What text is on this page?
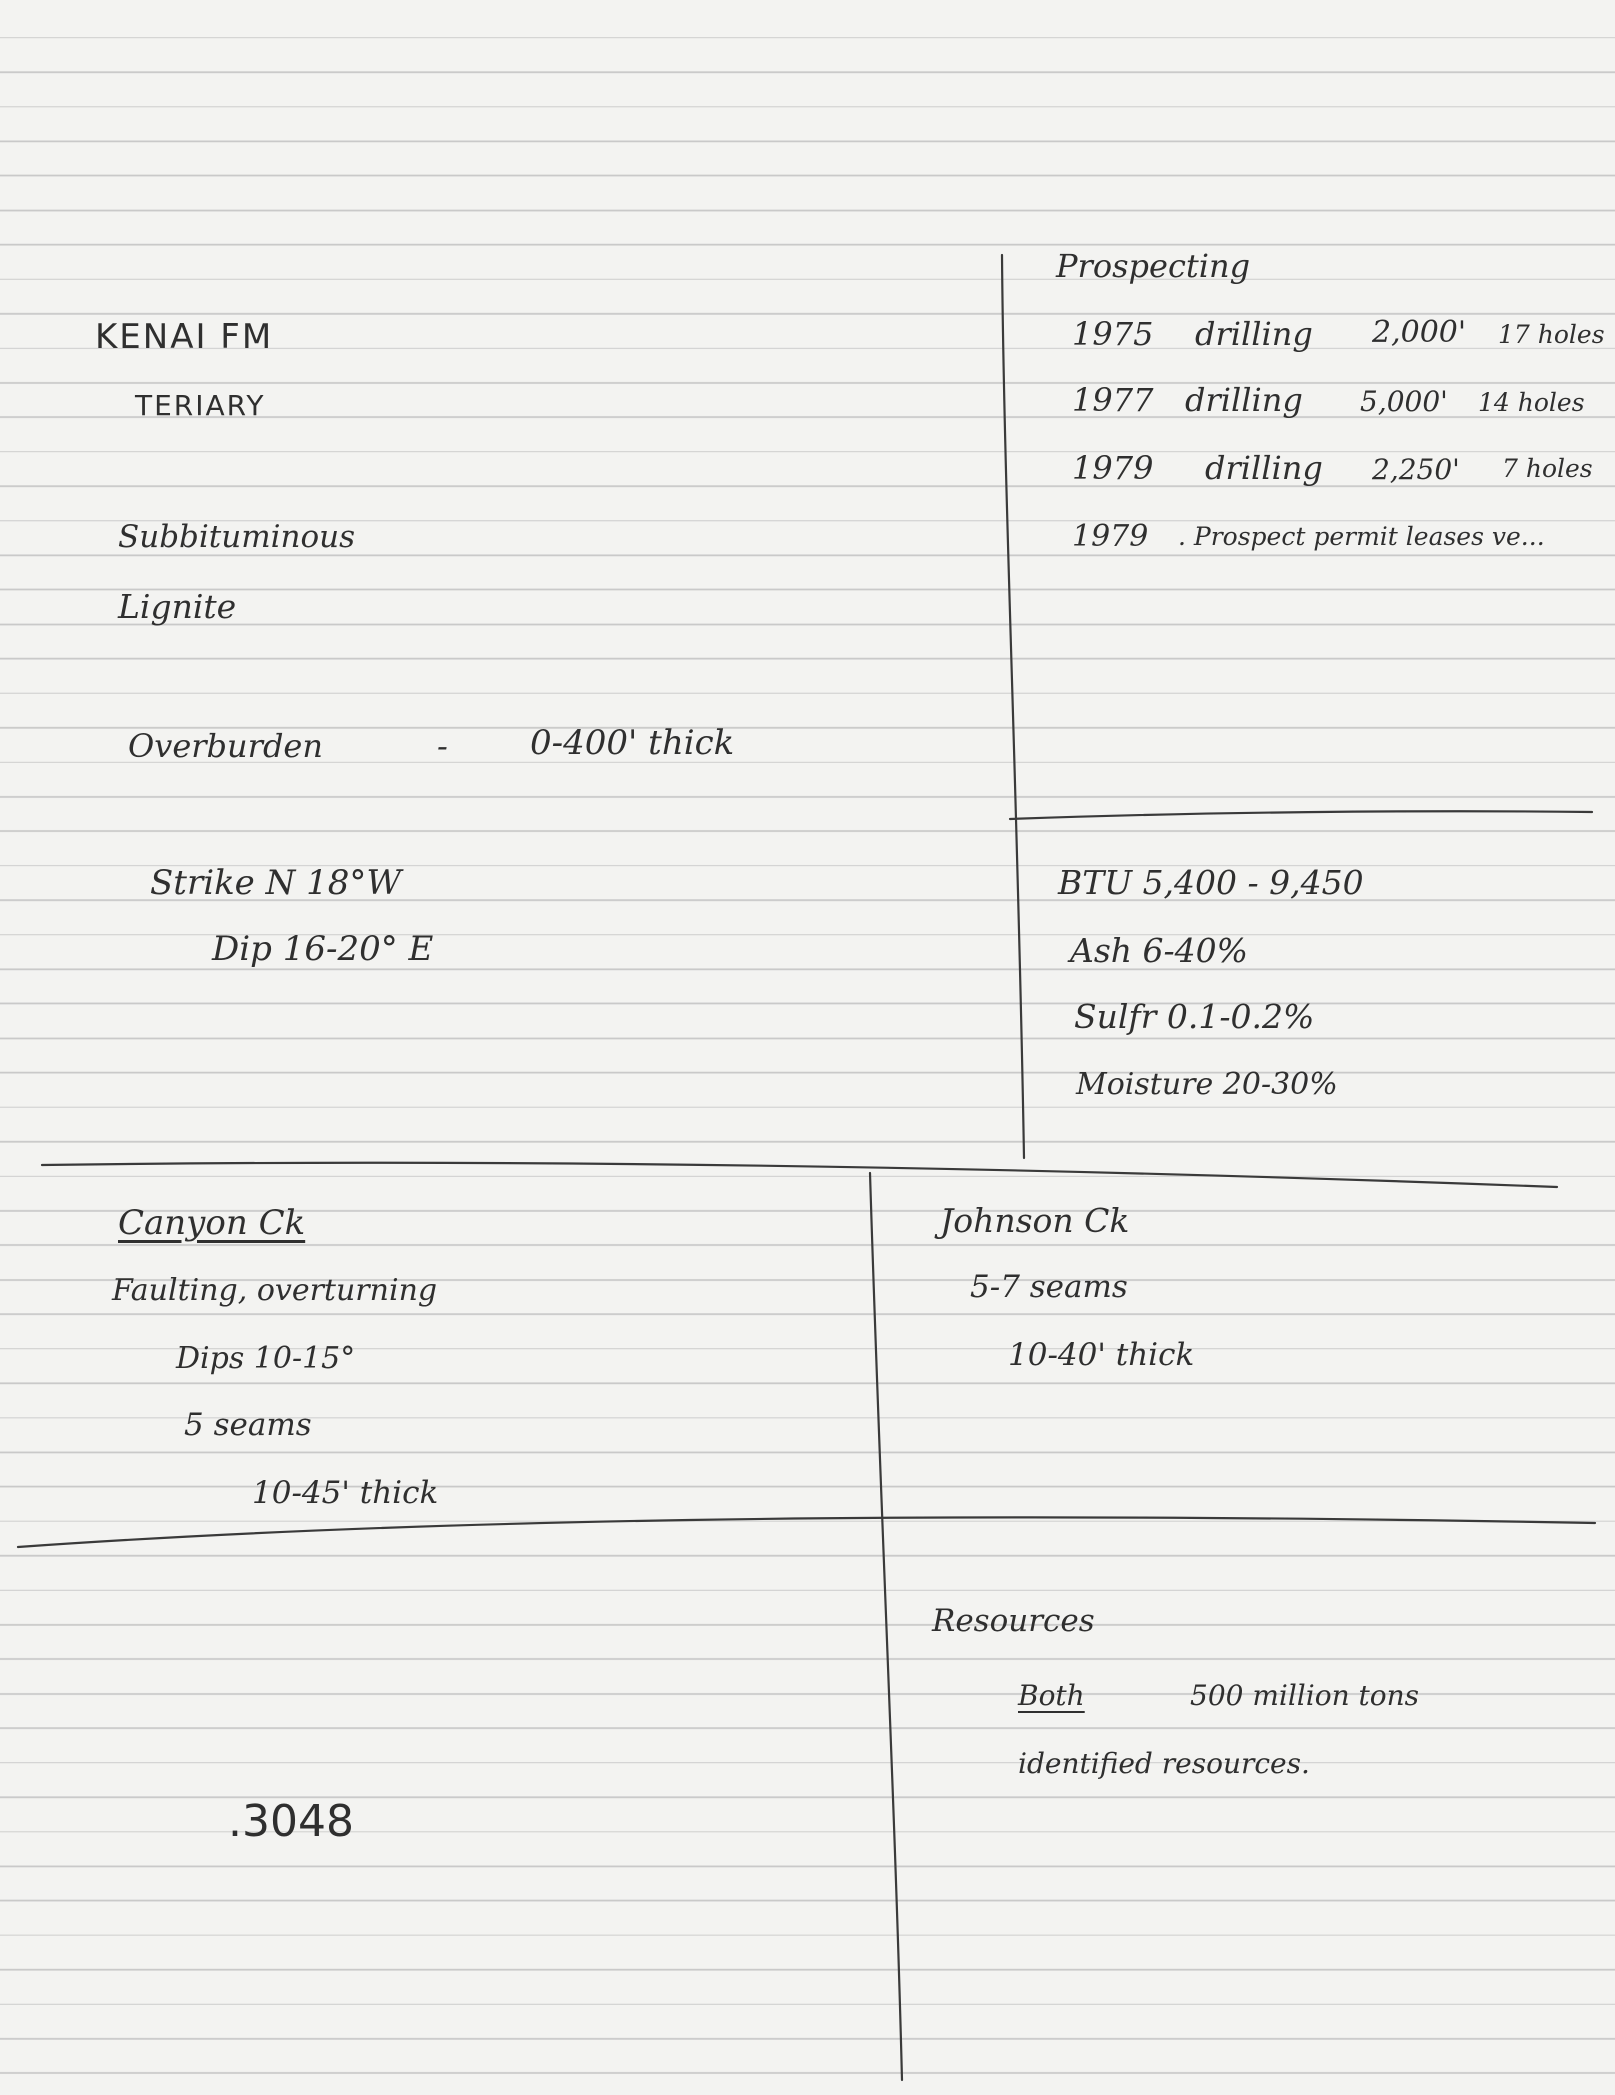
KENAI FM
TERIARY
Subbituminous
Lignite
Overburden	- 0-400' thick
Strike N 18°W
Dip 16-20° E
Prospecting
1975 drilling 2,000' 17 holes
1977 drilling 5,000' 14 holes
1979 drilling 2,250' 7 holes
1979 . Prospect permit leases ve...
BTU 5,400 - 9,450
Ash 6-40%
Sulfr 0.1-0.2%
Moisture 20-30%
Canyon Ck
Faulting, overturning
Dips 10-15°
5 seams
10-45' thick
Johnson Ck
5-7 seams
10-40' thick
Resources
Both	500 million tons
identified resources.
.3048
